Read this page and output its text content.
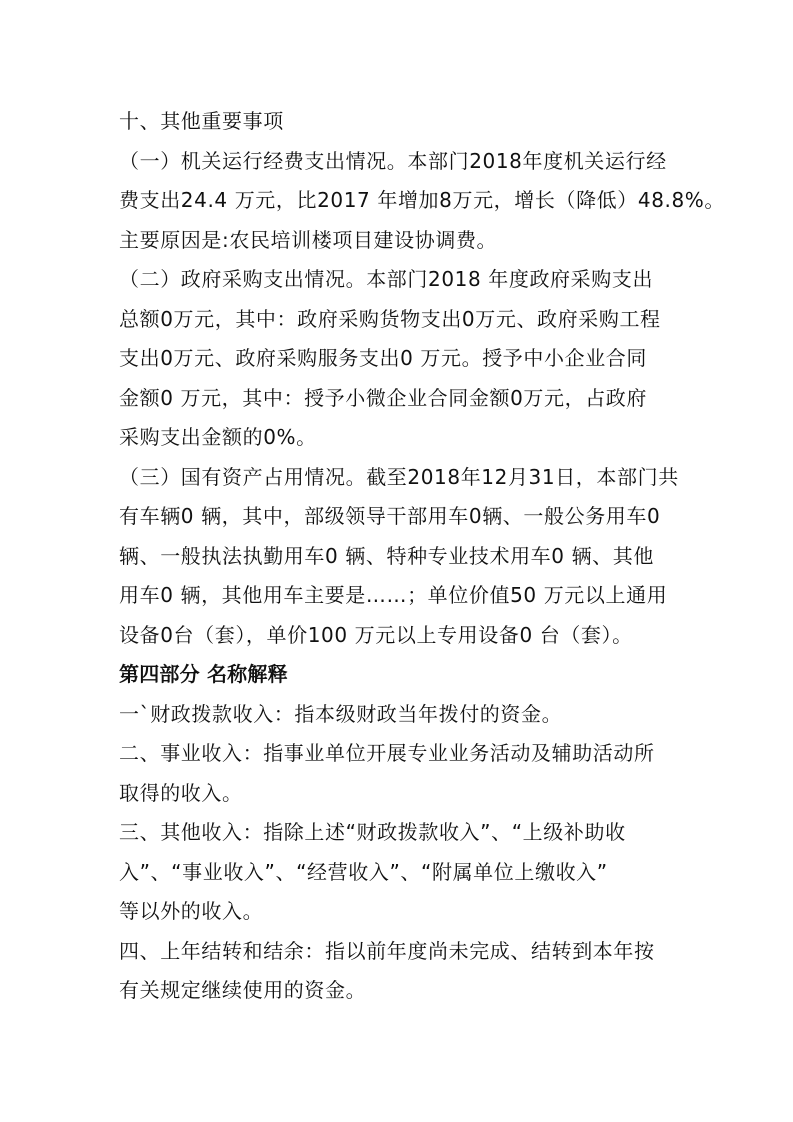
十、其他重要事项
（一）机关运行经费支出情况。本部门2018年度机关运行经
费支出24.4 万元，比2017 年增加8万元，增长（降低）48.8%。
主要原因是:农民培训楼项目建设协调费。
（二）政府采购支出情况。本部门2018 年度政府采购支出
总额0万元，其中：政府采购货物支出0万元、政府采购工程
支出0万元、政府采购服务支出0 万元。授予中小企业合同
金额0 万元，其中：授予小微企业合同金额0万元，占政府
采购支出金额的0%。
（三）国有资产占用情况。截至2018年12月31日，本部门共
有车辆0 辆，其中，部级领导干部用车0辆、一般公务用车0
辆、一般执法执勤用车0 辆、特种专业技术用车0 辆、其他
用车0 辆，其他用车主要是……；单位价值50 万元以上通用
设备0台（套），单价100 万元以上专用设备0 台（套）。
第四部分 名称解释
一`财政拨款收入：指本级财政当年拨付的资金。
二、事业收入：指事业单位开展专业业务活动及辅助活动所
取得的收入。
三、其他收入：指除上述“财政拨款收入”、“上级补助收
入”、“事业收入”、“经营收入”、“附属单位上缴收入”
等以外的收入。
四、上年结转和结余：指以前年度尚未完成、结转到本年按
有关规定继续使用的资金。
